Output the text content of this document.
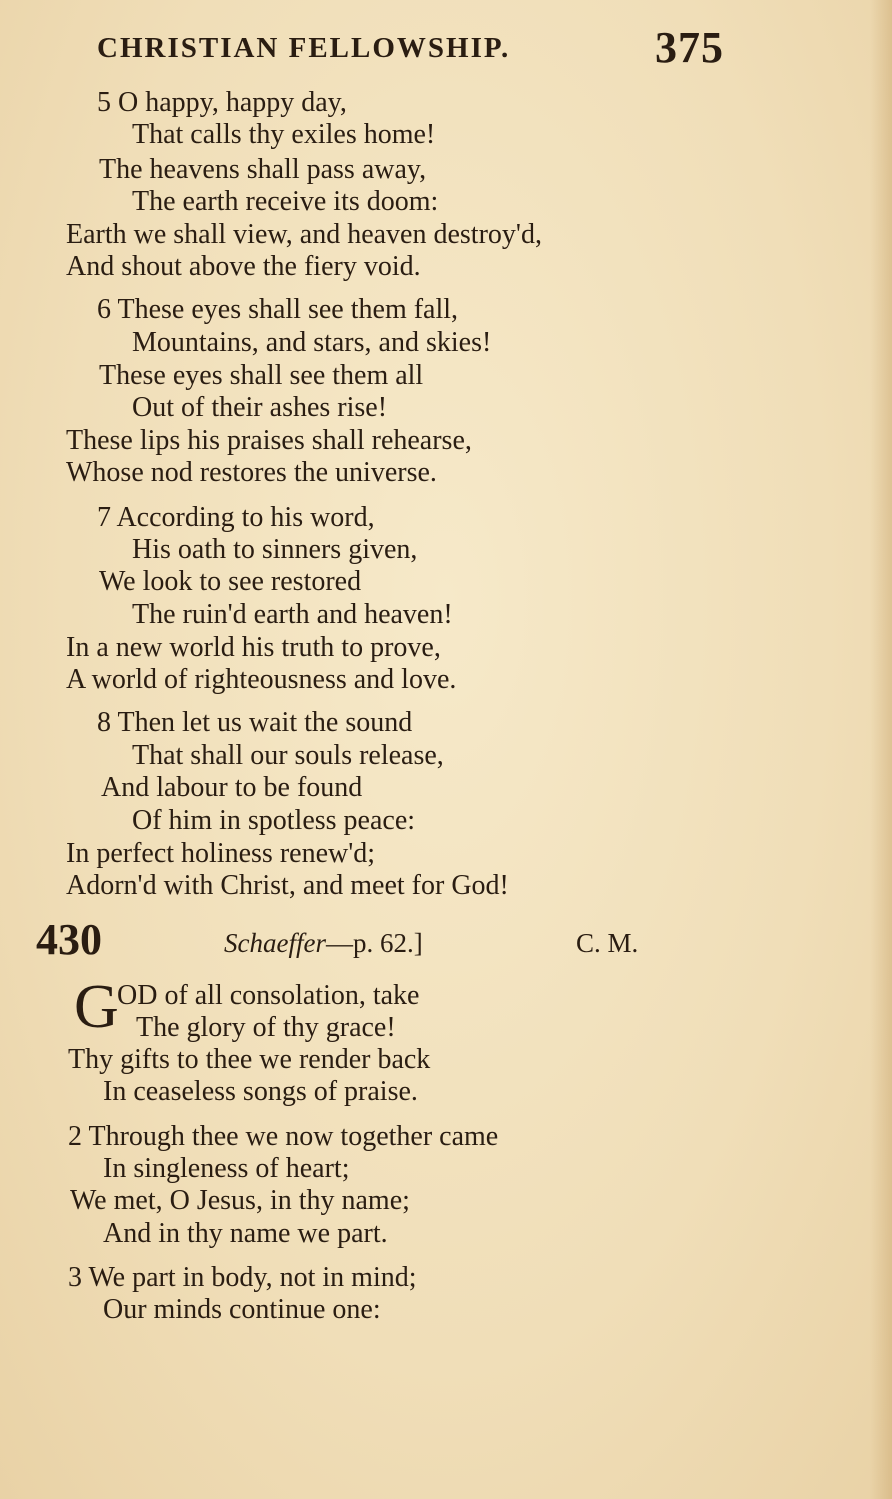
CHRISTIAN FELLOWSHIP.	375
5 O happy, happy day,
That calls thy exiles home!
The heavens shall pass away,
The earth receive its doom:
Earth we shall view, and heaven destroy'd,
And shout above the fiery void.
6 These eyes shall see them fall,
Mountains, and stars, and skies!
These eyes shall see them all
Out of their ashes rise!
These lips his praises shall rehearse,
Whose nod restores the universe.
7 According to his word,
His oath to sinners given,
We look to see restored
The ruin'd earth and heaven!
In a new world his truth to prove,
A world of righteousness and love.
8 Then let us wait the sound
That shall our souls release,
And labour to be found
Of him in spotless peace:
In perfect holiness renew'd;
Adorn'd with Christ, and meet for God!
430	Schaeffer—p. 62.]	C. M.
G
OD of all consolation, take
The glory of thy grace!
Thy gifts to thee we render back
In ceaseless songs of praise.
2 Through thee we now together came
In singleness of heart;
We met, O Jesus, in thy name;
And in thy name we part.
3 We part in body, not in mind;
Our minds continue one:
